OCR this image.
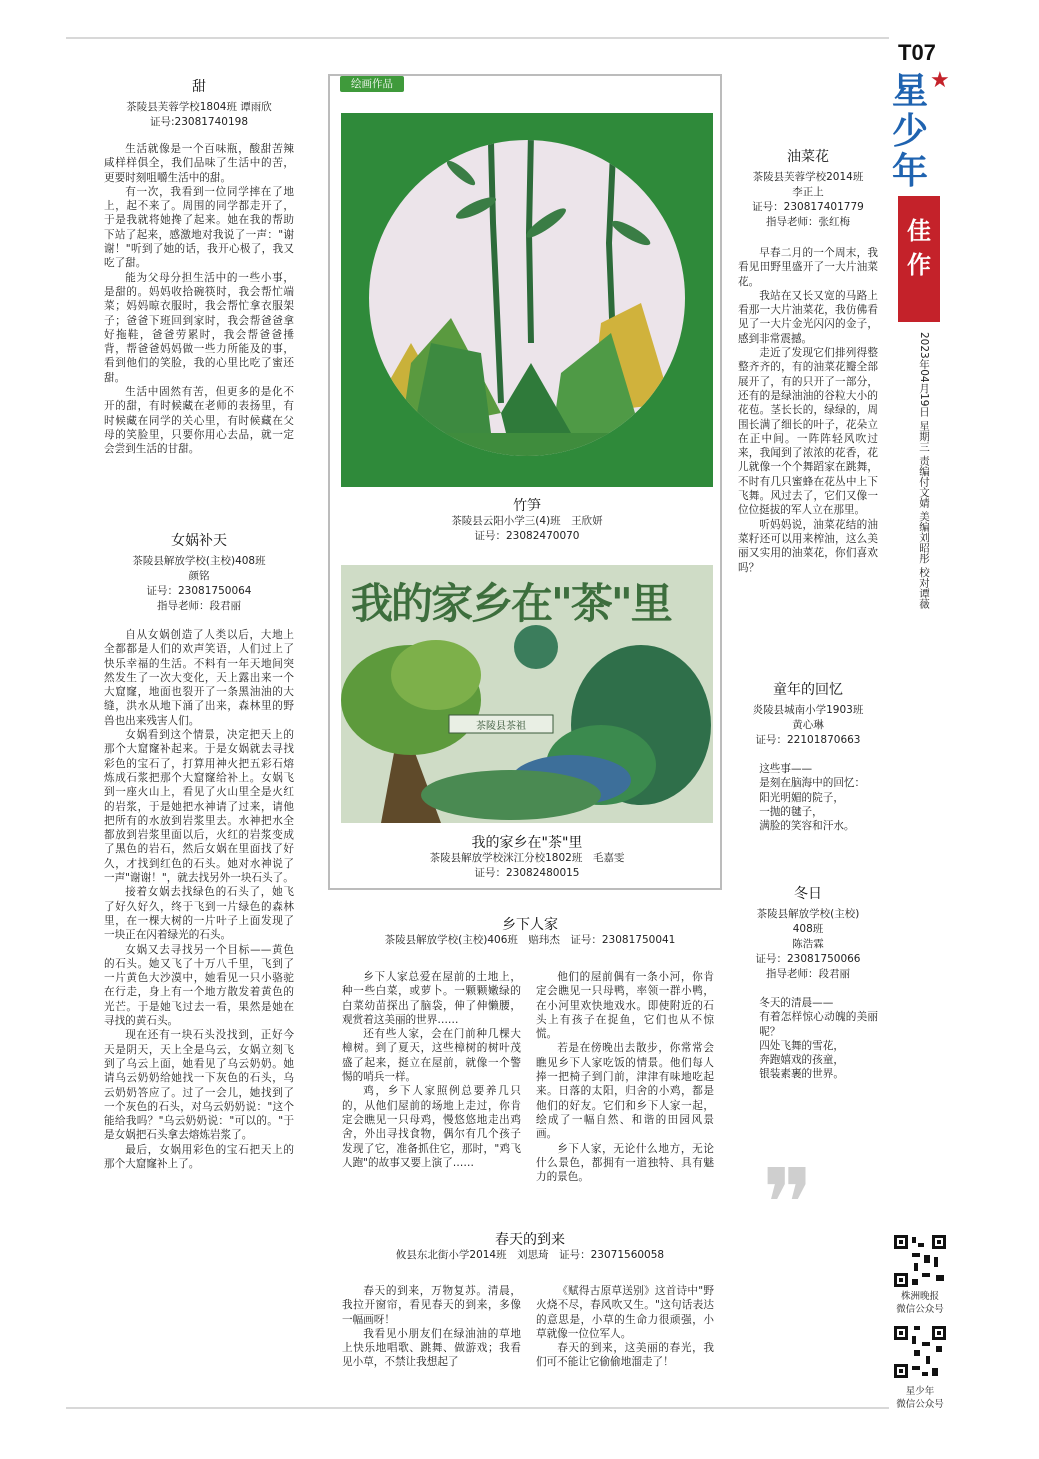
甜
茶陵县芙蓉学校1804班 谭雨欣
证号:23081740198

生活就像是一个百味瓶，酸甜苦辣咸样样俱全，我们品味了生活中的苦，更要时刻咀嚼生活中的甜。

有一次，我看到一位同学摔在了地上，起不来了。周围的同学都走开了，于是我就将她搀了起来。她在我的帮助下站了起来，感激地对我说了一声："谢谢！"听到了她的话，我开心极了，我又吃了甜。

能为父母分担生活中的一些小事，是甜的。妈妈收拾碗筷时，我会帮忙端菜；妈妈晾衣服时，我会帮忙拿衣服架子；爸爸下班回到家时，我会帮爸爸拿好拖鞋，爸爸劳累时，我会帮爸爸捶背，帮爸爸妈妈做一些力所能及的事，看到他们的笑脸，我的心里比吃了蜜还甜。

生活中固然有苦，但更多的是化不开的甜，有时候藏在老师的表扬里，有时候藏在同学的关心里，有时候藏在父母的笑脸里，只要你用心去品，就一定会尝到生活的甘甜。

女娲补天
茶陵县解放学校(主校)408班
颜铭
证号：23081750064
指导老师：段君丽

自从女娲创造了人类以后，大地上全都都是人们的欢声笑语，人们过上了快乐幸福的生活。不料有一年天地间突然发生了一次大变化，天上露出来一个大窟窿，地面也裂开了一条黑油油的大缝，洪水从地下涌了出来，森林里的野兽也出来残害人们。

女娲看到这个情景，决定把天上的那个大窟窿补起来。于是女娲就去寻找彩色的宝石了，打算用神火把五彩石熔炼成石浆把那个大窟窿给补上。女娲飞到一座火山上，看见了火山里全是火红的岩浆，于是她把水神请了过来，请他把所有的水放到岩浆里去。水神把水全都放到岩浆里面以后，火红的岩浆变成了黑色的岩石，然后女娲在里面找了好久，才找到红色的石头。她对水神说了一声"谢谢！"，就去找另外一块石头了。

接着女娲去找绿色的石头了，她飞了好久好久，终于飞到一片绿色的森林里，在一棵大树的一片叶子上面发现了一块正在闪着绿光的石头。

女娲又去寻找另一个目标——黄色的石头。她又飞了十万八千里，飞到了一片黄色大沙漠中，她看见一只小骆驼在行走，身上有一个地方散发着黄色的光芒。于是她飞过去一看，果然是她在寻找的黄石头。

现在还有一块石头没找到，正好今天是阴天，天上全是乌云，女娲立刻飞到了乌云上面，她看见了乌云奶奶。她请乌云奶奶给她找一下灰色的石头，乌云奶奶答应了。过了一会儿，她找到了一个灰色的石头，对乌云奶奶说："这个能给我吗？"乌云奶奶说："可以的。"于是女娲把石头拿去熔炼岩浆了。

最后，女娲用彩色的宝石把天上的那个大窟窿补上了。

绘画作品
竹笋
茶陵县云阳小学三(4)班　王欣妍
证号：23082470070
我的家乡在"茶"里
茶陵县茶祖
我的家乡在"茶"里
茶陵县解放学校洣江分校1802班　毛嘉雯
证号：23082480015
乡下人家
茶陵县解放学校(主校)406班　赔玮杰　证号：23081750041

乡下人家总爱在屋前的土地上，种一些白菜，或萝卜。一颗颗嫩绿的白菜幼苗探出了脑袋，伸了伸懒腰，观赏着这美丽的世界……

还有些人家，会在门前种几棵大樟树。到了夏天，这些樟树的树叶茂盛了起来，挺立在屋前，就像一个警惕的哨兵一样。

鸡，乡下人家照例总要养几只的，从他们屋前的场地上走过，你肯定会瞧见一只母鸡，慢悠悠地走出鸡舍，外出寻找食物，偶尔有几个孩子发现了它，准备抓住它，那时，"鸡飞人跑"的故事又要上演了……

他们的屋前偶有一条小河，你肯定会瞧见一只母鸭，率领一群小鸭，在小河里欢快地戏水。即使附近的石头上有孩子在捉鱼，它们也从不惊慌。

若是在傍晚出去散步，你常常会瞧见乡下人家吃饭的情景。他们每人捧一把椅子到门前，津津有味地吃起来。日落的太阳，归舍的小鸡，都是他们的好友。它们和乡下人家一起，绘成了一幅自然、和谐的田园风景画。

乡下人家，无论什么地方，无论什么景色，都拥有一道独特、具有魅力的景色。

春天的到来
攸县东北街小学2014班　刘思琦　证号：23071560058

春天的到来，万物复苏。清晨，我拉开窗帘，看见春天的到来，多像一幅画呀！

我看见小朋友们在绿油油的草地上快乐地唱歌、跳舞、做游戏；我看见小草，不禁让我想起了

《赋得古原草送别》这首诗中"野火烧不尽，春风吹又生。"这句话表达的意思是，小草的生命力很顽强，小草就像一位位军人。

春天的到来，这美丽的春光，我们可不能让它偷偷地溜走了！

油菜花
茶陵县芙蓉学校2014班
李正上
证号：23081740177​9
指导老师：张红梅

早春二月的一个周末，我看见田野里盛开了一大片油菜花。

我站在又长又宽的马路上看那一大片油菜花，我仿佛看见了一大片金光闪闪的金子，感到非常震撼。

走近了发现它们排列得整整齐齐的，有的油菜花瓣全部展开了，有的只开了一部分，还有的是绿油油的谷粒大小的花苞。茎长长的，绿绿的，周围长满了细长的叶子，花朵立在正中间。一阵阵轻风吹过来，我闻到了浓浓的花香，花儿就像一个个舞蹈家在跳舞，不时有几只蜜蜂在花丛中上下飞舞。风过去了，它们又像一位位挺拔的军人立在那里。

听妈妈说，油菜花结的油菜籽还可以用来榨油，这么美丽又实用的油菜花，你们喜欢吗？

童年的回忆
炎陵县城南小学1903班
黄心琳
证号：22101870663

这些事——

是刻在脑海中的回忆：

阳光明媚的院子，

一抛的毽子，

满脸的笑容和汗水。

冬日
茶陵县解放学校(主校)
408班
陈浩霖
证号：23081750066
指导老师：段君丽

冬天的清晨——

有着怎样惊心动魄的美丽呢？

四处飞舞的雪花，

奔跑嬉戏的孩童，

银装素裹的世界。

❞
T07
星少年
★
佳作
2023年04月19日 星期三 责编付文婧 美编刘昭彤 校对谭薇
株洲晚报
微信公众号
星少年
微信公众号
